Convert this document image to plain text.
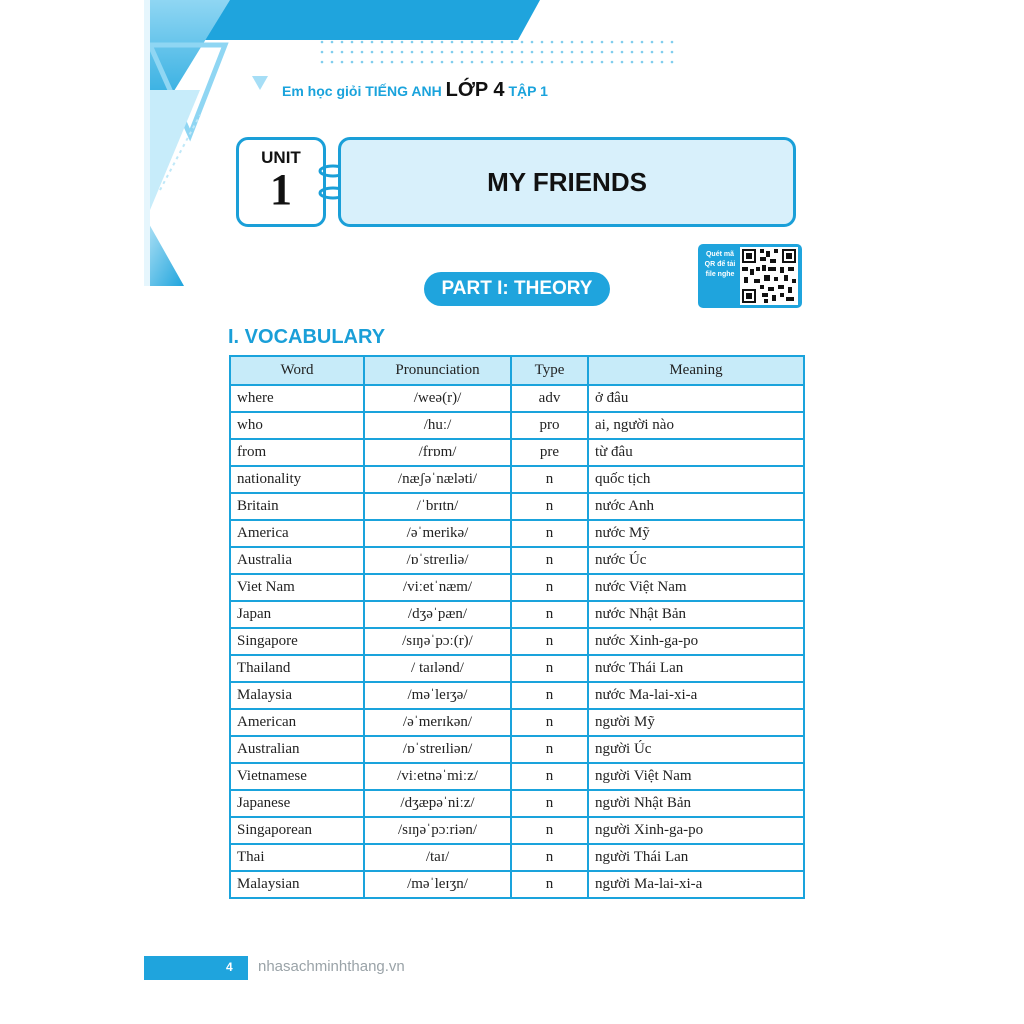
Em học giỏi TIẾNG ANH LỚP 4 TẬP 1
UNIT
1	MY FRIENDS
Quét mã QR để tải file nghe
PART I: THEORY
I. VOCABULARY
Word	Pronunciation	Type	Meaning
where	/weə(r)/	adv	ở đâu
who	/huː/	pro	ai, người nào
from	/frɒm/	pre	từ đâu
nationality	/næʃəˈnæləti/	n	quốc tịch
Britain	/ˈbrɪtn/	n	nước Anh
America	/əˈmerikə/	n	nước Mỹ
Australia	/ɒˈstreɪliə/	n	nước Úc
Viet Nam	/viːetˈnæm/	n	nước Việt Nam
Japan	/dʒəˈpæn/	n	nước Nhật Bản
Singapore	/sɪŋəˈpɔː(r)/	n	nước Xinh-ga-po
Thailand	/ taɪlənd/	n	nước Thái Lan
Malaysia	/məˈleɪʒə/	n	nước Ma-lai-xi-a
American	/əˈmerɪkən/	n	người Mỹ
Australian	/ɒˈstreɪliən/	n	người Úc
Vietnamese	/viːetnəˈmiːz/	n	người Việt Nam
Japanese	/dʒæpəˈniːz/	n	người Nhật Bản
Singaporean	/sɪŋəˈpɔːriən/	n	người Xinh-ga-po
Thai	/taɪ/	n	người Thái Lan
Malaysian	/məˈleɪʒn/	n	người Ma-lai-xi-a
4 nhasachminhthang.vn
